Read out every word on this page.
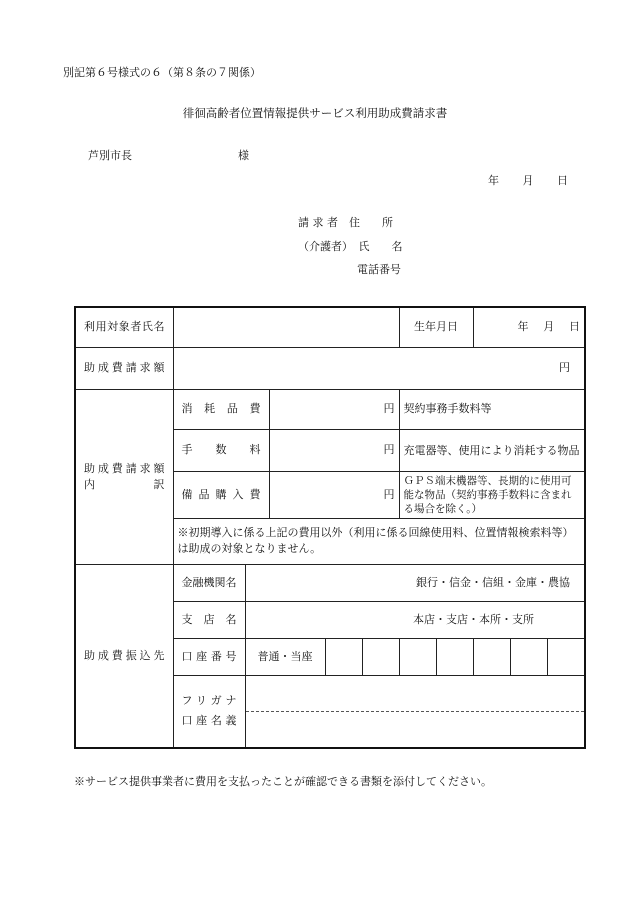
別記第６号様式の６（第８条の７関係）
徘徊高齢者位置情報提供サービス利用助成費請求書
芦別市長	様
年 月 日
請 求 者　住　　所
（介護者）　氏　　名
電話番号
利用対象者氏名						生年月日		年 月 日		

助成費請求額	円									

助成費請求額
内 訳	消耗品費		円			契約事務手数料等				
	手数料		円			充電器等、使用により消耗する物品				
	備品購入費		円			ＧＰＳ端末機器等、長期的に使用可能な物品（契約事務手数料に含まれる場合を除く。）				
	※初期導入に係る上記の費用以外（利用に係る回線使用料、位置情報検索料等）は助成の対象となりません。									
助成費振込先	金融機関名	銀行・信金・信組・金庫・農協								
	支店名	本店・支店・本所・支所								
	口座番号	普通・当座								

	フリガナ
口座名義									

※サービス提供事業者に費用を支払ったことが確認できる書類を添付してください。
